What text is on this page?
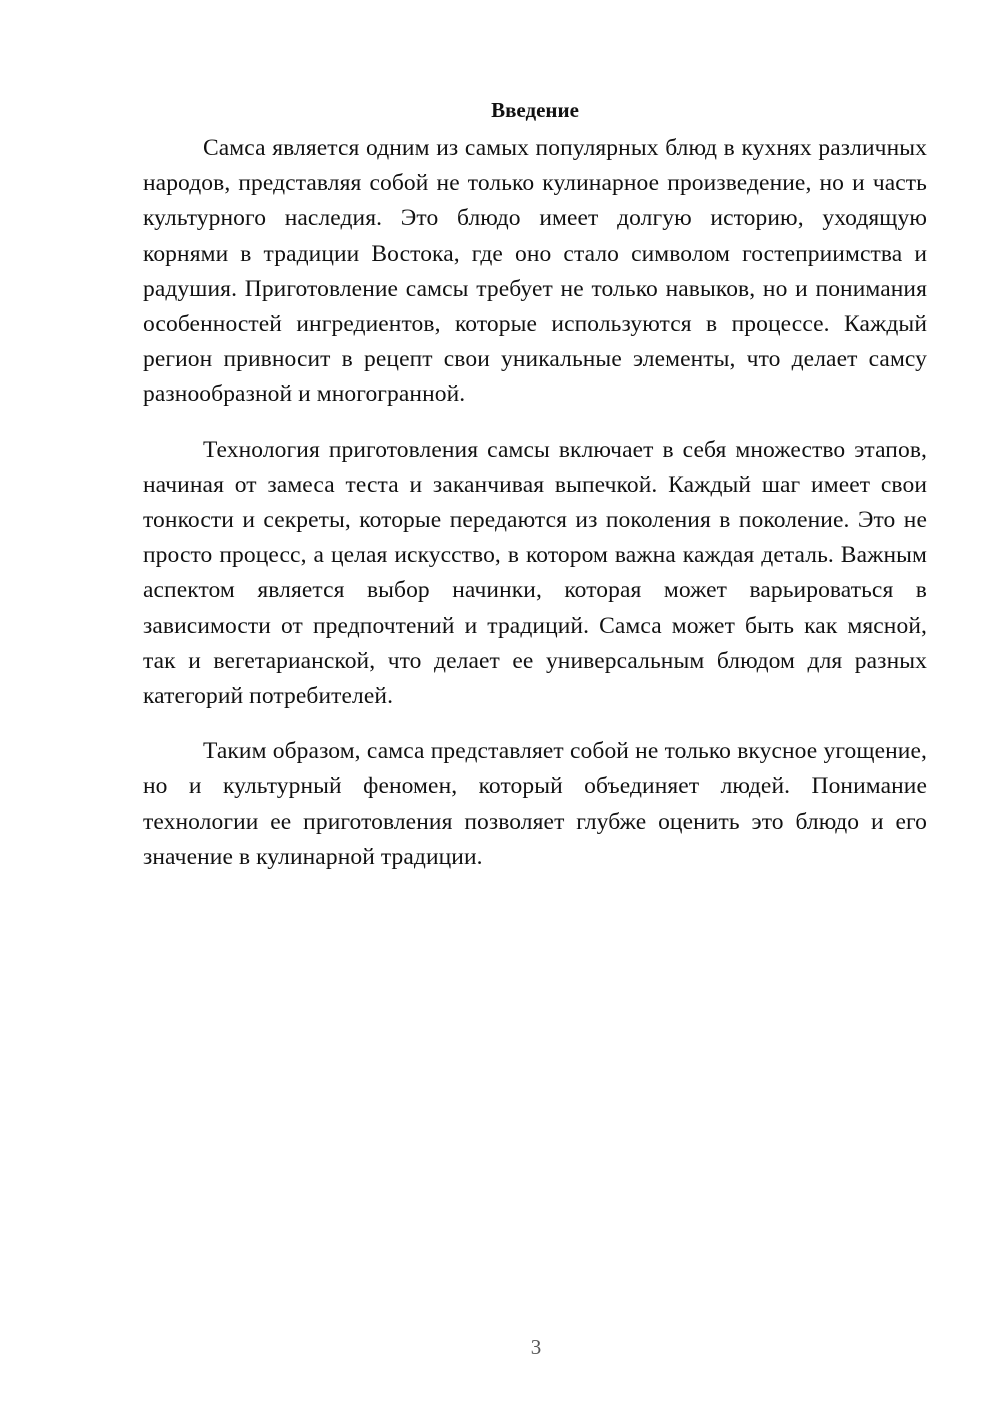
Введение

Самса является одним из самых популярных блюд в кухнях различных народов, представляя собой не только кулинарное произведение, но и часть культурного наследия. Это блюдо имеет долгую историю, уходящую корнями в традиции Востока, где оно стало символом гостеприимства и радушия. Приготовление самсы требует не только навыков, но и понимания особенностей ингредиентов, которые используются в процессе. Каждый регион привносит в рецепт свои уникальные элементы, что делает самсу разнообразной и многогранной.

Технология приготовления самсы включает в себя множество этапов, начиная от замеса теста и заканчивая выпечкой. Каждый шаг имеет свои тонкости и секреты, которые передаются из поколения в поколение. Это не просто процесс, а целая искусство, в котором важна каждая деталь. Важным аспектом является выбор начинки, которая может варьироваться в зависимости от предпочтений и традиций. Самса может быть как мясной, так и вегетарианской, что делает ее универсальным блюдом для разных категорий потребителей.

Таким образом, самса представляет собой не только вкусное угощение, но и культурный феномен, который объединяет людей. Понимание технологии ее приготовления позволяет глубже оценить это блюдо и его значение в кулинарной традиции.

3
